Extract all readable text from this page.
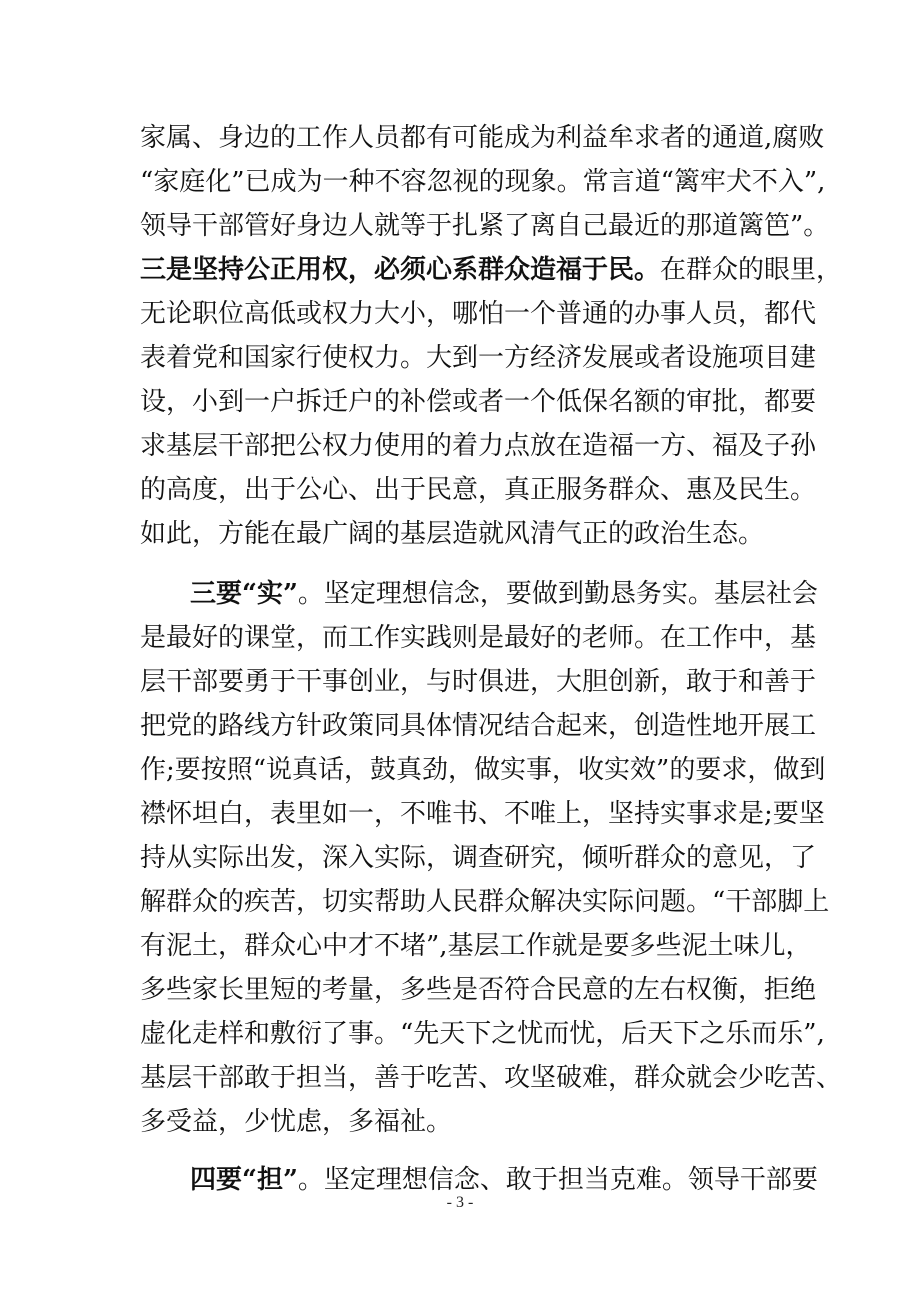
家属、身边的工作人员都有可能成为利益牟求者的通道,腐败
“家庭化”已成为一种不容忽视的现象。常言道“篱牢犬不入”,
领导干部管好身边人就等于扎紧了离自己最近的那道篱笆”。
三是坚持公正用权，必须心系群众造福于民。在群众的眼里，
无论职位高低或权力大小，哪怕一个普通的办事人员，都代
表着党和国家行使权力。大到一方经济发展或者设施项目建
设，小到一户拆迁户的补偿或者一个低保名额的审批，都要
求基层干部把公权力使用的着力点放在造福一方、福及子孙
的高度，出于公心、出于民意，真正服务群众、惠及民生。
如此，方能在最广阔的基层造就风清气正的政治生态。
三要“实”。坚定理想信念，要做到勤恳务实。基层社会
是最好的课堂，而工作实践则是最好的老师。在工作中，基
层干部要勇于干事创业，与时俱进，大胆创新，敢于和善于
把党的路线方针政策同具体情况结合起来，创造性地开展工
作;要按照“说真话，鼓真劲，做实事，收实效”的要求，做到
襟怀坦白，表里如一，不唯书、不唯上，坚持实事求是;要坚
持从实际出发，深入实际，调查研究，倾听群众的意见，了
解群众的疾苦，切实帮助人民群众解决实际问题。“干部脚上
有泥土，群众心中才不堵”,基层工作就是要多些泥土味儿，
多些家长里短的考量，多些是否符合民意的左右权衡，拒绝
虚化走样和敷衍了事。“先天下之忧而忧，后天下之乐而乐”,
基层干部敢于担当，善于吃苦、攻坚破难，群众就会少吃苦、
多受益，少忧虑，多福祉。
四要“担”。坚定理想信念、敢于担当克难。领导干部要
- 3 -
